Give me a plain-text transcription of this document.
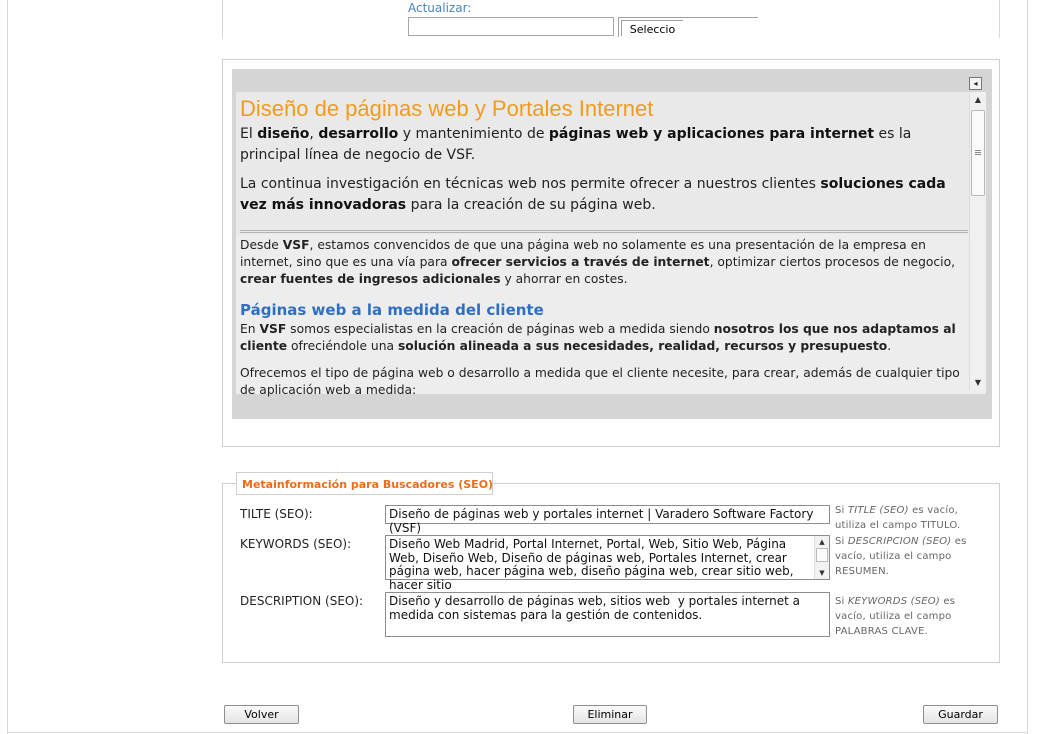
Actualizar:
Seleccio
◂
Diseño de páginas web y Portales Internet
El diseño, desarrollo y mantenimiento de páginas web y aplicaciones para internet es la principal línea de negocio de VSF.
La continua investigación en técnicas web nos permite ofrecer a nuestros clientes soluciones cada vez más innovadoras para la creación de su página web.
Desde VSF, estamos convencidos de que una página web no solamente es una presentación de la empresa en internet, sino que es una vía para ofrecer servicios a través de internet, optimizar ciertos procesos de negocio, crear fuentes de ingresos adicionales y ahorrar en costes.
Páginas web a la medida del cliente
En VSF somos especialistas en la creación de páginas web a medida siendo nosotros los que nos adaptamos al cliente ofreciéndole una solución alineada a sus necesidades, realidad, recursos y presupuesto.
Ofrecemos el tipo de página web o desarrollo a medida que el cliente necesite, para crear, además de cualquier tipo de aplicación web a medida:
▲
▼
Metainformación para Buscadores (SEO)
TILTE (SEO):	Diseño de páginas web y portales internet | Varadero Software Factory (VSF)
Si TITLE (SEO) es vacío, utiliza el campo TITULO.
KEYWORDS (SEO):	Diseño Web Madrid, Portal Internet, Portal, Web, Sitio Web, Página Web, Diseño Web, Diseño de páginas web, Portales Internet, crear página web, hacer página web, diseño página web, crear sitio web, hacer sitio
▲
▼
Si DESCRIPCION (SEO) es vacío, utiliza el campo RESUMEN.
DESCRIPTION (SEO):	Diseño y desarrollo de páginas web, sitios web  y portales internet a medida con sistemas para la gestión de contenidos.
Si KEYWORDS (SEO) es vacío, utiliza el campo PALABRAS CLAVE.
Volver	Eliminar	Guardar
